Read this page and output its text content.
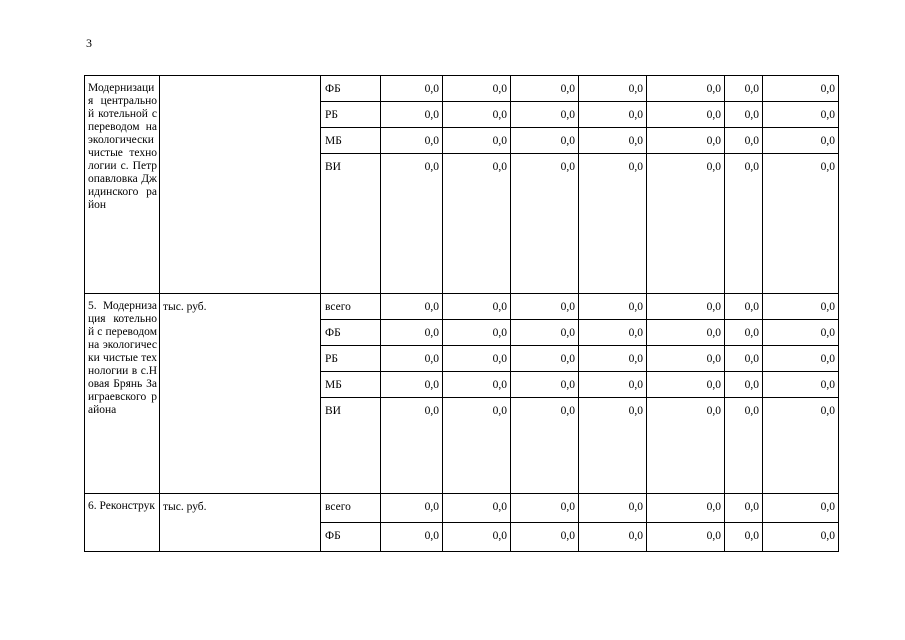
3
Модернизация центральной котельной с переводом на экологически чистые технологии с. Петропавловка Джидинского район		ФБ	0,0	0,0	0,0	0,0	0,0	0,0	0,0
		РБ	0,0	0,0	0,0	0,0	0,0	0,0	0,0
		МБ	0,0	0,0	0,0	0,0	0,0	0,0	0,0
		ВИ	0,0	0,0	0,0	0,0	0,0	0,0	0,0

5. Модернизация котельной с переводом на экологически чистые технологии в с.Новая Брянь Заиграевского района	тыс. руб.	всего	0,0	0,0	0,0	0,0	0,0	0,0	0,0
		ФБ	0,0	0,0	0,0	0,0	0,0	0,0	0,0
		РБ	0,0	0,0	0,0	0,0	0,0	0,0	0,0
		МБ	0,0	0,0	0,0	0,0	0,0	0,0	0,0
		ВИ	0,0	0,0	0,0	0,0	0,0	0,0	0,0

6. Реконструк	тыс. руб.	всего	0,0	0,0	0,0	0,0	0,0	0,0	0,0
		ФБ	0,0	0,0	0,0	0,0	0,0	0,0	0,0
